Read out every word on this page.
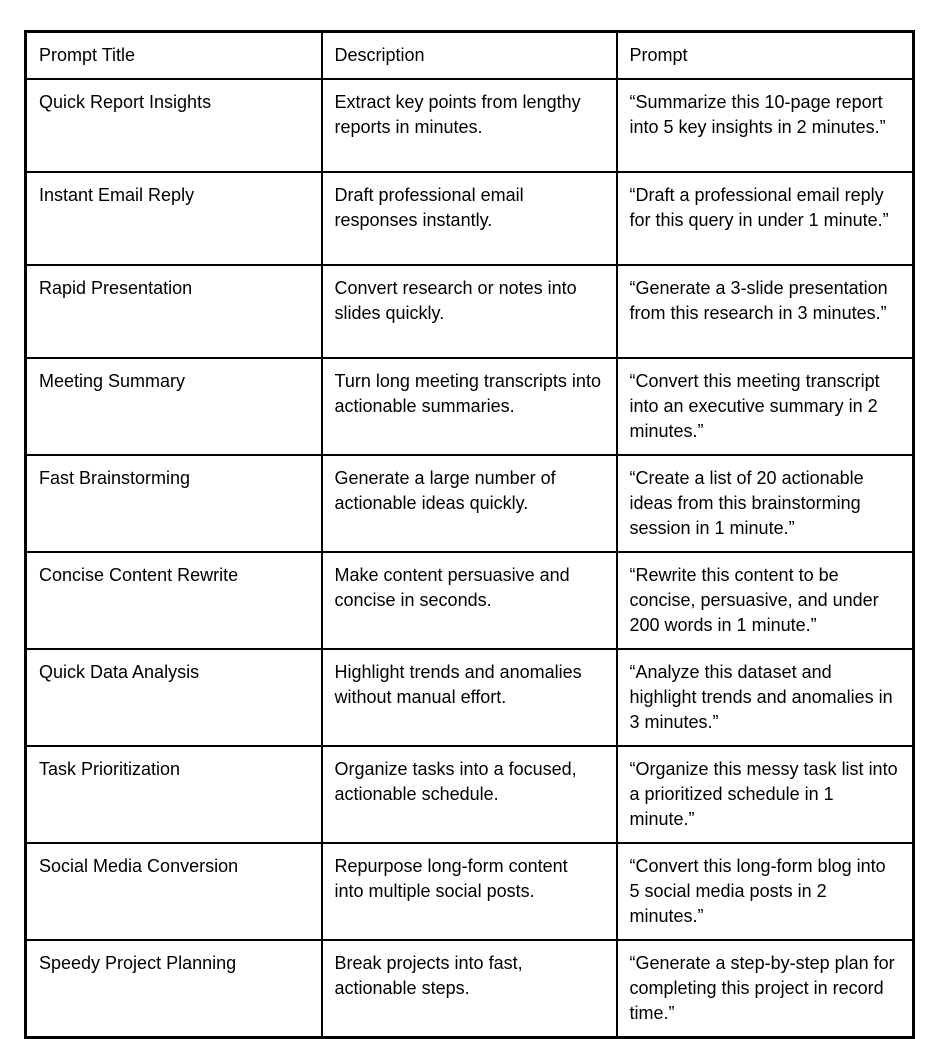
Prompt Title	Description	Prompt
Quick Report Insights	Extract key points from lengthy reports in minutes.	“Summarize this 10-page report into 5 key insights in 2 minutes.”
Instant Email Reply	Draft professional email responses instantly.	“Draft a professional email reply for this query in under 1 minute.”
Rapid Presentation	Convert research or notes into slides quickly.	“Generate a 3-slide presentation from this research in 3 minutes.”
Meeting Summary	Turn long meeting transcripts into actionable summaries.	“Convert this meeting transcript into an executive summary in 2 minutes.”
Fast Brainstorming	Generate a large number of actionable ideas quickly.	“Create a list of 20 actionable ideas from this brainstorming session in 1 minute.”
Concise Content Rewrite	Make content persuasive and concise in seconds.	“Rewrite this content to be concise, persuasive, and under 200 words in 1 minute.”
Quick Data Analysis	Highlight trends and anomalies without manual effort.	“Analyze this dataset and highlight trends and anomalies in 3 minutes.”
Task Prioritization	Organize tasks into a focused, actionable schedule.	“Organize this messy task list into a prioritized schedule in 1 minute.”
Social Media Conversion	Repurpose long-form content into multiple social posts.	“Convert this long-form blog into 5 social media posts in 2 minutes.”
Speedy Project Planning	Break projects into fast, actionable steps.	“Generate a step-by-step plan for completing this project in record time.”
